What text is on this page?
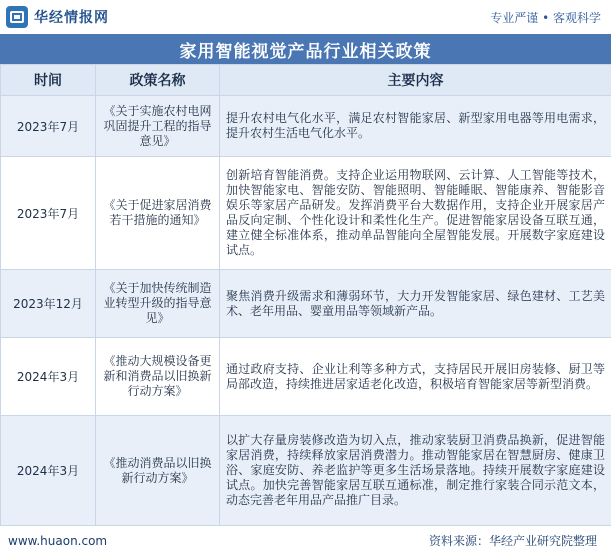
华经情报网	专业严谨 • 客观科学
家用智能视觉产品行业相关政策
时间	政策名称	主要内容
2023年7月	《关于实施农村电网巩固提升工程的指导意见》	提升农村电气化水平，满足农村智能家居、新型家用电器等用电需求，提升农村生活电气化水平。
2023年7月	《关于促进家居消费若干措施的通知》	创新培育智能消费。支持企业运用物联网、云计算、人工智能等技术，加快智能家电、智能安防、智能照明、智能睡眠、智能康养、智能影音娱乐等家居产品研发。发挥消费平台大数据作用，支持企业开展家居产品反向定制、个性化设计和柔性化生产。促进智能家居设备互联互通，建立健全标准体系，推动单品智能向全屋智能发展。开展数字家庭建设试点。
2023年12月	《关于加快传统制造业转型升级的指导意见》	聚焦消费升级需求和薄弱环节，大力开发智能家居、绿色建材、工艺美术、老年用品、婴童用品等领域新产品。
2024年3月	《推动大规模设备更新和消费品以旧换新行动方案》	通过政府支持、企业让利等多种方式，支持居民开展旧房装修、厨卫等局部改造，持续推进居家适老化改造，积极培育智能家居等新型消费。
2024年3月	《推动消费品以旧换新行动方案》	以扩大存量房装修改造为切入点，推动家装厨卫消费品换新，促进智能家居消费，持续释放家居消费潜力。推动智能家居在智慧厨房、健康卫浴、家庭安防、养老监护等更多生活场景落地。持续开展数字家庭建设试点。加快完善智能家居互联互通标准，制定推行家装合同示范文本，动态完善老年用品产品推广目录。
www.huaon.com	资料来源：华经产业研究院整理
